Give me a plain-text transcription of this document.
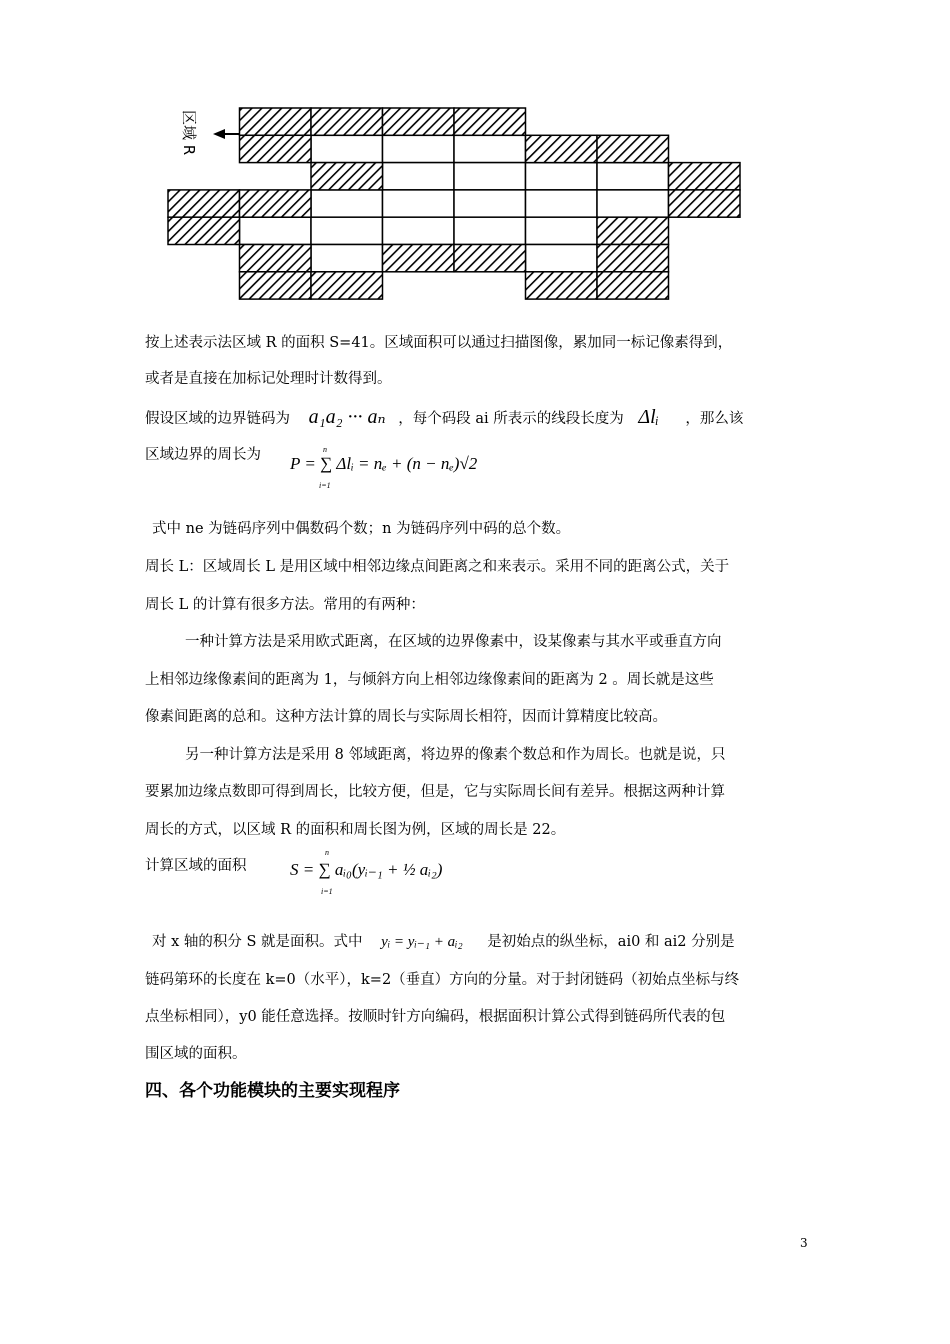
区域 R
按上述表示法区域 R 的面积 S=41。区域面积可以通过扫描图像，累加同一标记像素得到，
或者是直接在加标记处理时计数得到。
假设区域的边界链码为 a₁a₂ ··· aₙ ，每个码段 ai 所表示的线段长度为 Δlᵢ ，那么该
区域边界的周长为	n
P = ∑ Δlᵢ = nₑ + (n − nₑ)√2
i=1
式中 ne 为链码序列中偶数码个数；n 为链码序列中码的总个数。
周长 L：区域周长 L 是用区域中相邻边缘点间距离之和来表示。采用不同的距离公式，关于
周长 L 的计算有很多方法。常用的有两种：
一种计算方法是采用欧式距离，在区域的边界像素中，设某像素与其水平或垂直方向
上相邻边缘像素间的距离为 1，与倾斜方向上相邻边缘像素间的距离为 2 。周长就是这些
像素间距离的总和。这种方法计算的周长与实际周长相符，因而计算精度比较高。
另一种计算方法是采用 8 邻域距离，将边界的像素个数总和作为周长。也就是说，只
要累加边缘点数即可得到周长，比较方便，但是，它与实际周长间有差异。根据这两种计算
周长的方式，以区域 R 的面积和周长图为例，区域的周长是 22。
计算区域的面积
n
S = ∑ aᵢ₀(yᵢ₋₁ + ½ aᵢ₂)
i=1
对 x 轴的积分 S 就是面积。式中 yᵢ = yᵢ₋₁ + aᵢ₂ 是初始点的纵坐标，ai0 和 ai2 分别是
链码第环的长度在 k=0（水平），k=2（垂直）方向的分量。对于封闭链码（初始点坐标与终
点坐标相同），y0 能任意选择。按顺时针方向编码，根据面积计算公式得到链码所代表的包
围区域的面积。
四、各个功能模块的主要实现程序
3
